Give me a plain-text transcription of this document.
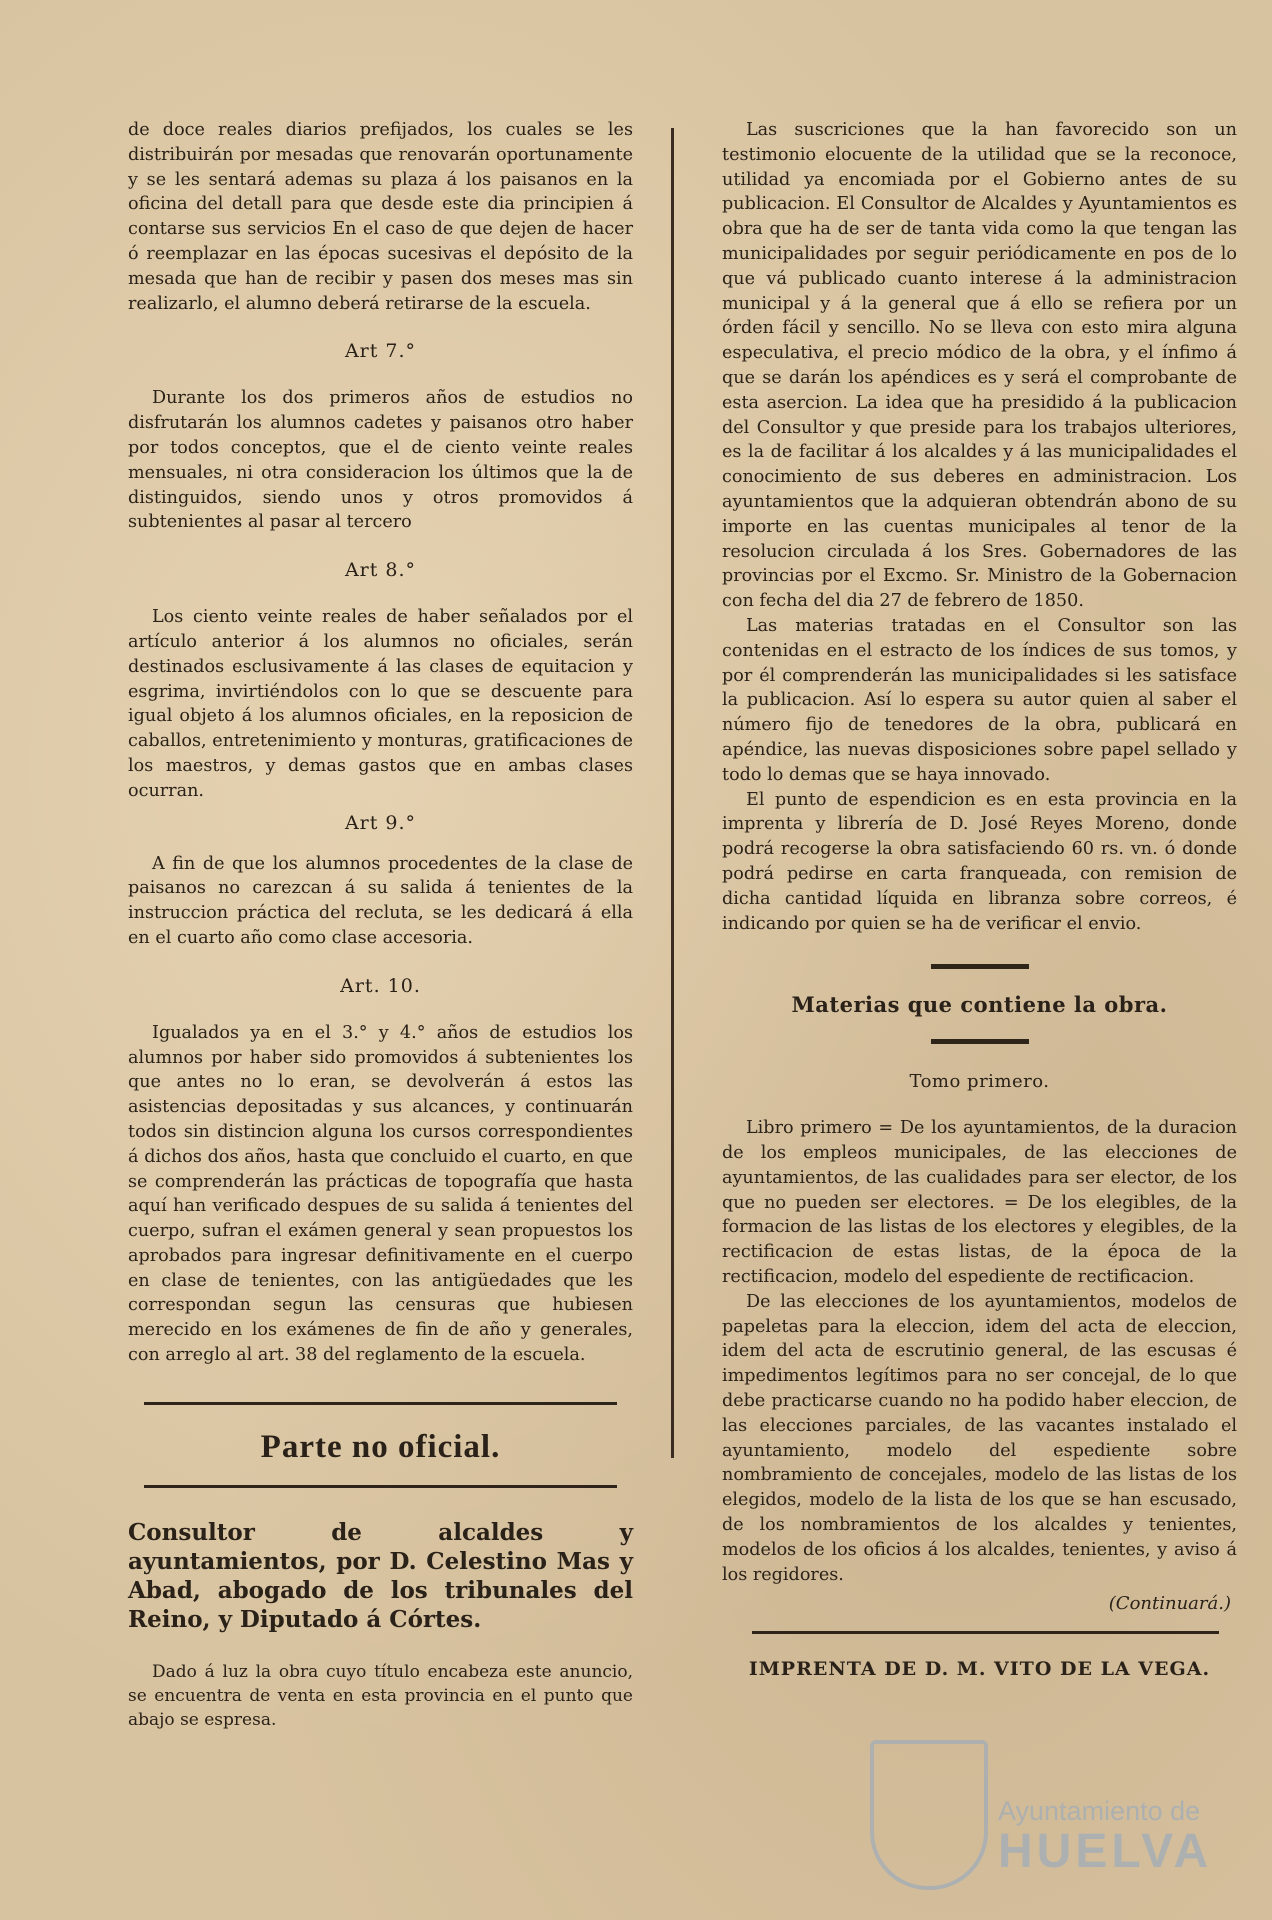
de doce reales diarios prefijados, los cuales se les distribuirán por mesadas que renovarán oportunamente y se les sentará ademas su plaza á los paisanos en la oficina del detall para que desde este dia principien á contarse sus servicios En el caso de que dejen de hacer ó reemplazar en las épocas sucesivas el depósito de la mesada que han de recibir y pasen dos meses mas sin realizarlo, el alumno deberá retirarse de la escuela.

Art 7.°

Durante los dos primeros años de estudios no disfrutarán los alumnos cadetes y paisanos otro haber por todos conceptos, que el de ciento veinte reales mensuales, ni otra consideracion los últimos que la de distinguidos, siendo unos y otros promovidos á subtenientes al pasar al tercero

Art 8.°

Los ciento veinte reales de haber señalados por el artículo anterior á los alumnos no oficiales, serán destinados esclusivamente á las clases de equitacion y esgrima, invirtiéndolos con lo que se descuente para igual objeto á los alumnos oficiales, en la reposicion de caballos, entretenimiento y monturas, gratificaciones de los maestros, y demas gastos que en ambas clases ocurran.

Art 9.°

A fin de que los alumnos procedentes de la clase de paisanos no carezcan á su salida á tenientes de la instruccion práctica del recluta, se les dedicará á ella en el cuarto año como clase accesoria.

Art. 10.

Igualados ya en el 3.° y 4.° años de estudios los alumnos por haber sido promovidos á subtenientes los que antes no lo eran, se devolverán á estos las asistencias depositadas y sus alcances, y continuarán todos sin distincion alguna los cursos correspondientes á dichos dos años, hasta que concluido el cuarto, en que se comprenderán las prácticas de topografía que hasta aquí han verificado despues de su salida á tenientes del cuerpo, sufran el exámen general y sean propuestos los aprobados para ingresar definitivamente en el cuerpo en clase de tenientes, con las antigüedades que les correspondan segun las censuras que hubiesen merecido en los exámenes de fin de año y generales, con arreglo al art. 38 del reglamento de la escuela.

Parte no oficial.
Consultor de alcaldes y ayuntamientos, por D. Celestino Mas y Abad, abogado de los tribunales del Reino, y Diputado á Córtes.

Dado á luz la obra cuyo título encabeza este anuncio, se encuentra de venta en esta provincia en el punto que abajo se espresa.

Las suscriciones que la han favorecido son un testimonio elocuente de la utilidad que se la reconoce, utilidad ya encomiada por el Gobierno antes de su publicacion. El Consultor de Alcaldes y Ayuntamientos es obra que ha de ser de tanta vida como la que tengan las municipalidades por seguir periódicamente en pos de lo que vá publicado cuanto interese á la administracion municipal y á la general que á ello se refiera por un órden fácil y sencillo. No se lleva con esto mira alguna especulativa, el precio módico de la obra, y el ínfimo á que se darán los apéndices es y será el comprobante de esta asercion. La idea que ha presidido á la publicacion del Consultor y que preside para los trabajos ulteriores, es la de facilitar á los alcaldes y á las municipalidades el conocimiento de sus deberes en administracion. Los ayuntamientos que la adquieran obtendrán abono de su importe en las cuentas municipales al tenor de la resolucion circulada á los Sres. Gobernadores de las provincias por el Excmo. Sr. Ministro de la Gobernacion con fecha del dia 27 de febrero de 1850.

Las materias tratadas en el Consultor son las contenidas en el estracto de los índices de sus tomos, y por él comprenderán las municipalidades si les satisface la publicacion. Así lo espera su autor quien al saber el número fijo de tenedores de la obra, publicará en apéndice, las nuevas disposiciones sobre papel sellado y todo lo demas que se haya innovado.

El punto de espendicion es en esta provincia en la imprenta y librería de D. José Reyes Moreno, donde podrá recogerse la obra satisfaciendo 60 rs. vn. ó donde podrá pedirse en carta franqueada, con remision de dicha cantidad líquida en libranza sobre correos, é indicando por quien se ha de verificar el envio.

Materias que contiene la obra.
Tomo primero.

Libro primero = De los ayuntamientos, de la duracion de los empleos municipales, de las elecciones de ayuntamientos, de las cualidades para ser elector, de los que no pueden ser electores. = De los elegibles, de la formacion de las listas de los electores y elegibles, de la rectificacion de estas listas, de la época de la rectificacion, modelo del espediente de rectificacion.

De las elecciones de los ayuntamientos, modelos de papeletas para la eleccion, idem del acta de eleccion, idem del acta de escrutinio general, de las escusas é impedimentos legítimos para no ser concejal, de lo que debe practicarse cuando no ha podido haber eleccion, de las elecciones parciales, de las vacantes instalado el ayuntamiento, modelo del espediente sobre nombramiento de concejales, modelo de las listas de los elegidos, modelo de la lista de los que se han escusado, de los nombramientos de los alcaldes y tenientes, modelos de los oficios á los alcaldes, tenientes, y aviso á los regidores.

(Continuará.)
IMPRENTA DE D. M. VITO DE LA VEGA.
Ayuntamiento de
HUELVA
